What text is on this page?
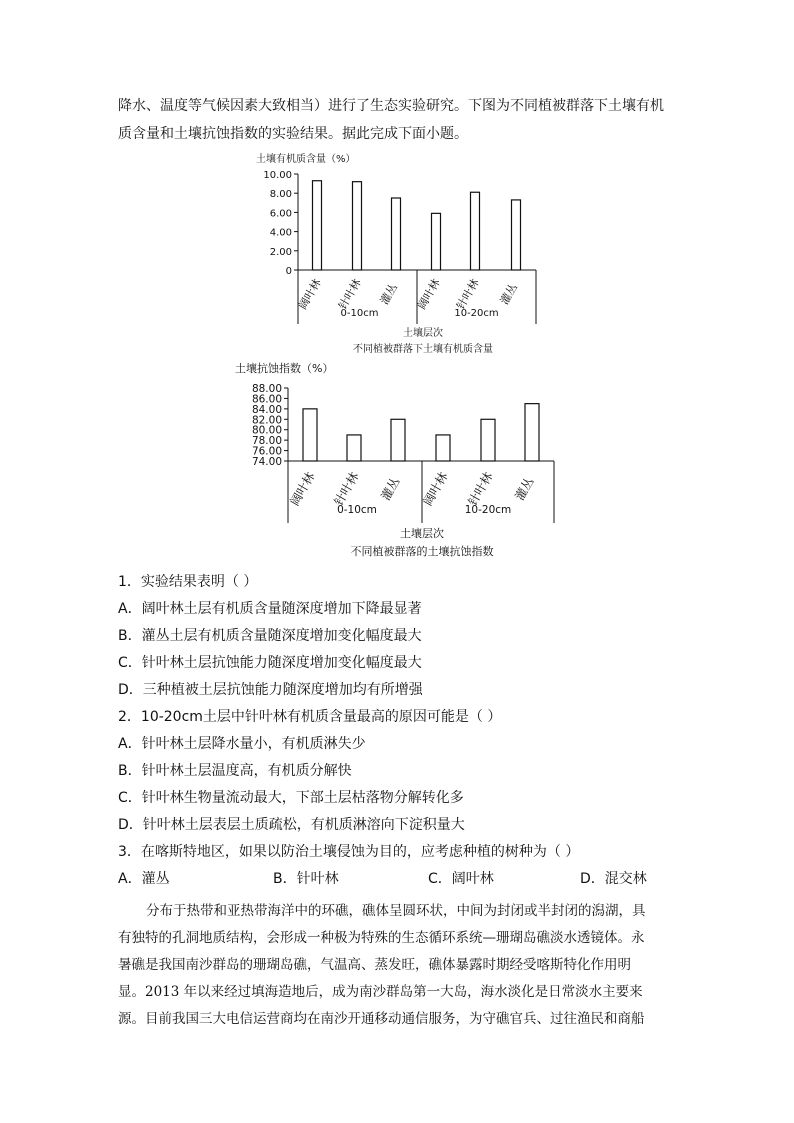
降水、温度等气候因素大致相当）进行了生态实验研究。下图为不同植被群落下土壤有机
质含量和土壤抗蚀指数的实验结果。据此完成下面小题。
土壤有机质含量（%）
10.00
8.00
6.00
4.00
2.00
0
阔叶林 针叶林 灌丛 阔叶林 针叶林 灌丛
0-10cm	10-20cm
土壤层次
不同植被群落下土壤有机质含量
土壤抗蚀指数（%）
88.00
86.00
84.00
82.00
80.00
78.00
76.00
74.00
阔叶林 针叶林 灌丛 阔叶林 针叶林 灌丛
0-10cm	10-20cm
土壤层次
不同植被群落的土壤抗蚀指数
1．实验结果表明（ ）
A．阔叶林土层有机质含量随深度增加下降最显著
B．灌丛土层有机质含量随深度增加变化幅度最大
C．针叶林土层抗蚀能力随深度增加变化幅度最大
D．三种植被土层抗蚀能力随深度增加均有所增强
2．10-20cm土层中针叶林有机质含量最高的原因可能是（ ）
A．针叶林土层降水量小，有机质淋失少
B．针叶林土层温度高，有机质分解快
C．针叶林生物量流动最大，下部土层枯落物分解转化多
D．针叶林土层表层土质疏松，有机质淋溶向下淀积量大
3．在喀斯特地区，如果以防治土壤侵蚀为目的，应考虑种植的树种为（ ）
A．灌丛	B．针叶林	C．阔叶林	D．混交林
分布于热带和亚热带海洋中的环礁，礁体呈圆环状，中间为封闭或半封闭的潟湖，具
有独特的孔洞地质结构，会形成一种极为特殊的生态循环系统—珊瑚岛礁淡水透镜体。永
暑礁是我国南沙群岛的珊瑚岛礁，气温高、蒸发旺，礁体暴露时期经受喀斯特化作用明
显。2013 年以来经过填海造地后，成为南沙群岛第一大岛，海水淡化是日常淡水主要来
源。目前我国三大电信运营商均在南沙开通移动通信服务，为守礁官兵、过往渔民和商船
